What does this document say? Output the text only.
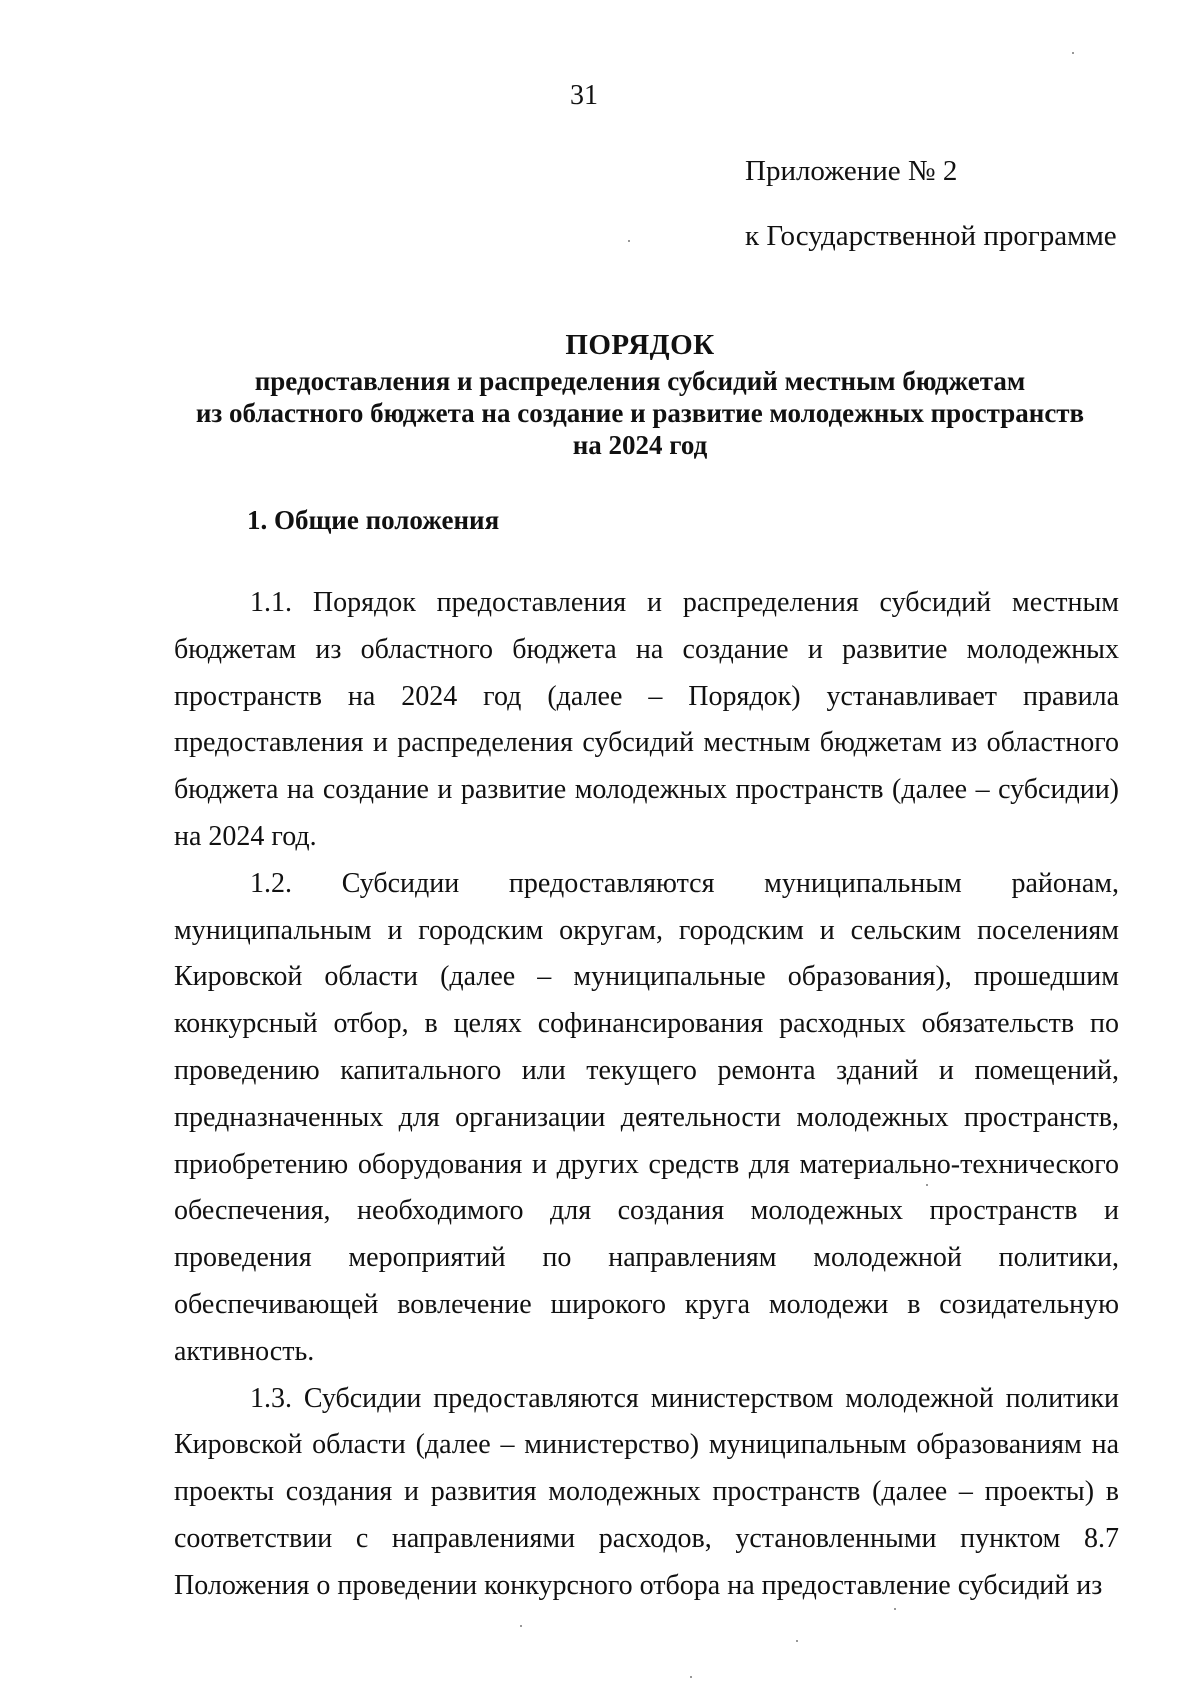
31
Приложение № 2
к Государственной программе
ПОРЯДОК
предоставления и распределения субсидий местным бюджетам
из областного бюджета на создание и развитие молодежных пространств
на 2024 год
1. Общие положения

1.1. Порядок предоставления и распределения субсидий местным бюджетам из областного бюджета на создание и развитие молодежных пространств на 2024 год (далее – Порядок) устанавливает правила предоставления и распределения субсидий местным бюджетам из областного бюджета на создание и развитие молодежных пространств (далее – субсидии) на 2024 год.

1.2. Субсидии предоставляются муниципальным районам, муниципальным и городским округам, городским и сельским поселениям Кировской области (далее – муниципальные образования), прошедшим конкурсный отбор, в целях софинансирования расходных обязательств по проведению капитального или текущего ремонта зданий и помещений, предназначенных для организации деятельности молодежных пространств, приобретению оборудования и других средств для материально-технического обеспечения, необходимого для создания молодежных пространств и проведения мероприятий по направлениям молодежной политики, обеспечивающей вовлечение широкого круга молодежи в созидательную активность.

1.3. Субсидии предоставляются министерством молодежной политики Кировской области (далее – министерство) муниципальным образованиям на проекты создания и развития молодежных пространств (далее – проекты) в соответствии с направлениями расходов, установленными пунктом 8.7 Положения о проведении конкурсного отбора на предоставление субсидий из
